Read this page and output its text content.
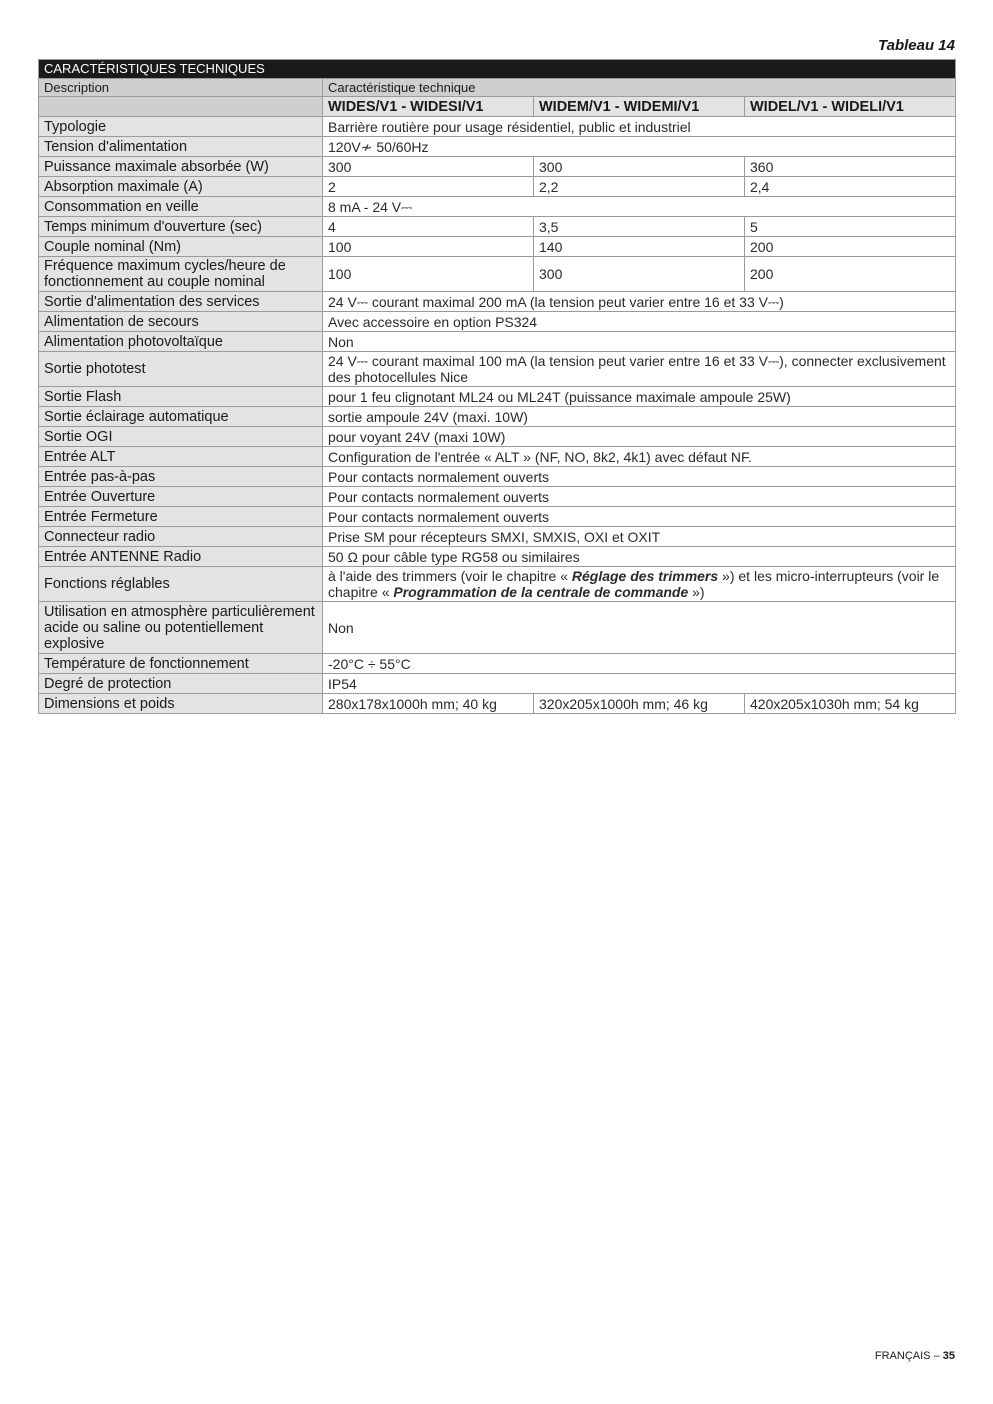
Tableau 14
CARACTÉRISTIQUES TECHNIQUES			
Description	Caractéristique technique		
	WIDES/V1 - WIDESI/V1	WIDEM/V1 - WIDEMI/V1	WIDEL/V1 - WIDELI/V1
Typologie	Barrière routière pour usage résidentiel, public et industriel		
Tension d'alimentation	120V≁ 50/60Hz		
Puissance maximale absorbée (W)	300	300	360
Absorption maximale (A)	2	2,2	2,4
Consommation en veille	8 mA - 24 V⎓		
Temps minimum d'ouverture (sec)	4	3,5	5
Couple nominal (Nm)	100	140	200
Fréquence maximum cycles/heure de fonctionnement au couple nominal	100	300	200
Sortie d'alimentation des services	24 V⎓ courant maximal 200 mA (la tension peut varier entre 16 et 33 V⎓)		
Alimentation de secours	Avec accessoire en option PS324		
Alimentation photovoltaïque	Non		
Sortie phototest	24 V⎓ courant maximal 100 mA (la tension peut varier entre 16 et 33 V⎓), connecter exclusivement des photocellules Nice		
Sortie Flash	pour 1 feu clignotant ML24 ou ML24T (puissance maximale ampoule 25W)		
Sortie éclairage automatique	sortie ampoule 24V (maxi. 10W)		
Sortie OGI	pour voyant 24V (maxi 10W)		
Entrée ALT	Configuration de l'entrée « ALT » (NF, NO, 8k2, 4k1) avec défaut NF.		
Entrée pas-à-pas	Pour contacts normalement ouverts		
Entrée Ouverture	Pour contacts normalement ouverts		
Entrée Fermeture	Pour contacts normalement ouverts		
Connecteur radio	Prise SM pour récepteurs SMXI, SMXIS, OXI et OXIT		
Entrée ANTENNE Radio	50 Ω pour câble type RG58 ou similaires		
Fonctions réglables	à l'aide des trimmers (voir le chapitre « Réglage des trimmers ») et les micro-interrupteurs (voir le chapitre « Programmation de la centrale de commande »)		
Utilisation en atmosphère particulièrement acide ou saline ou potentiellement explosive	Non		
Température de fonctionnement	-20°C ÷ 55°C		
Degré de protection	IP54		
Dimensions et poids	280x178x1000h mm; 40 kg	320x205x1000h mm; 46 kg	420x205x1030h mm; 54 kg
FRANÇAIS – 35
